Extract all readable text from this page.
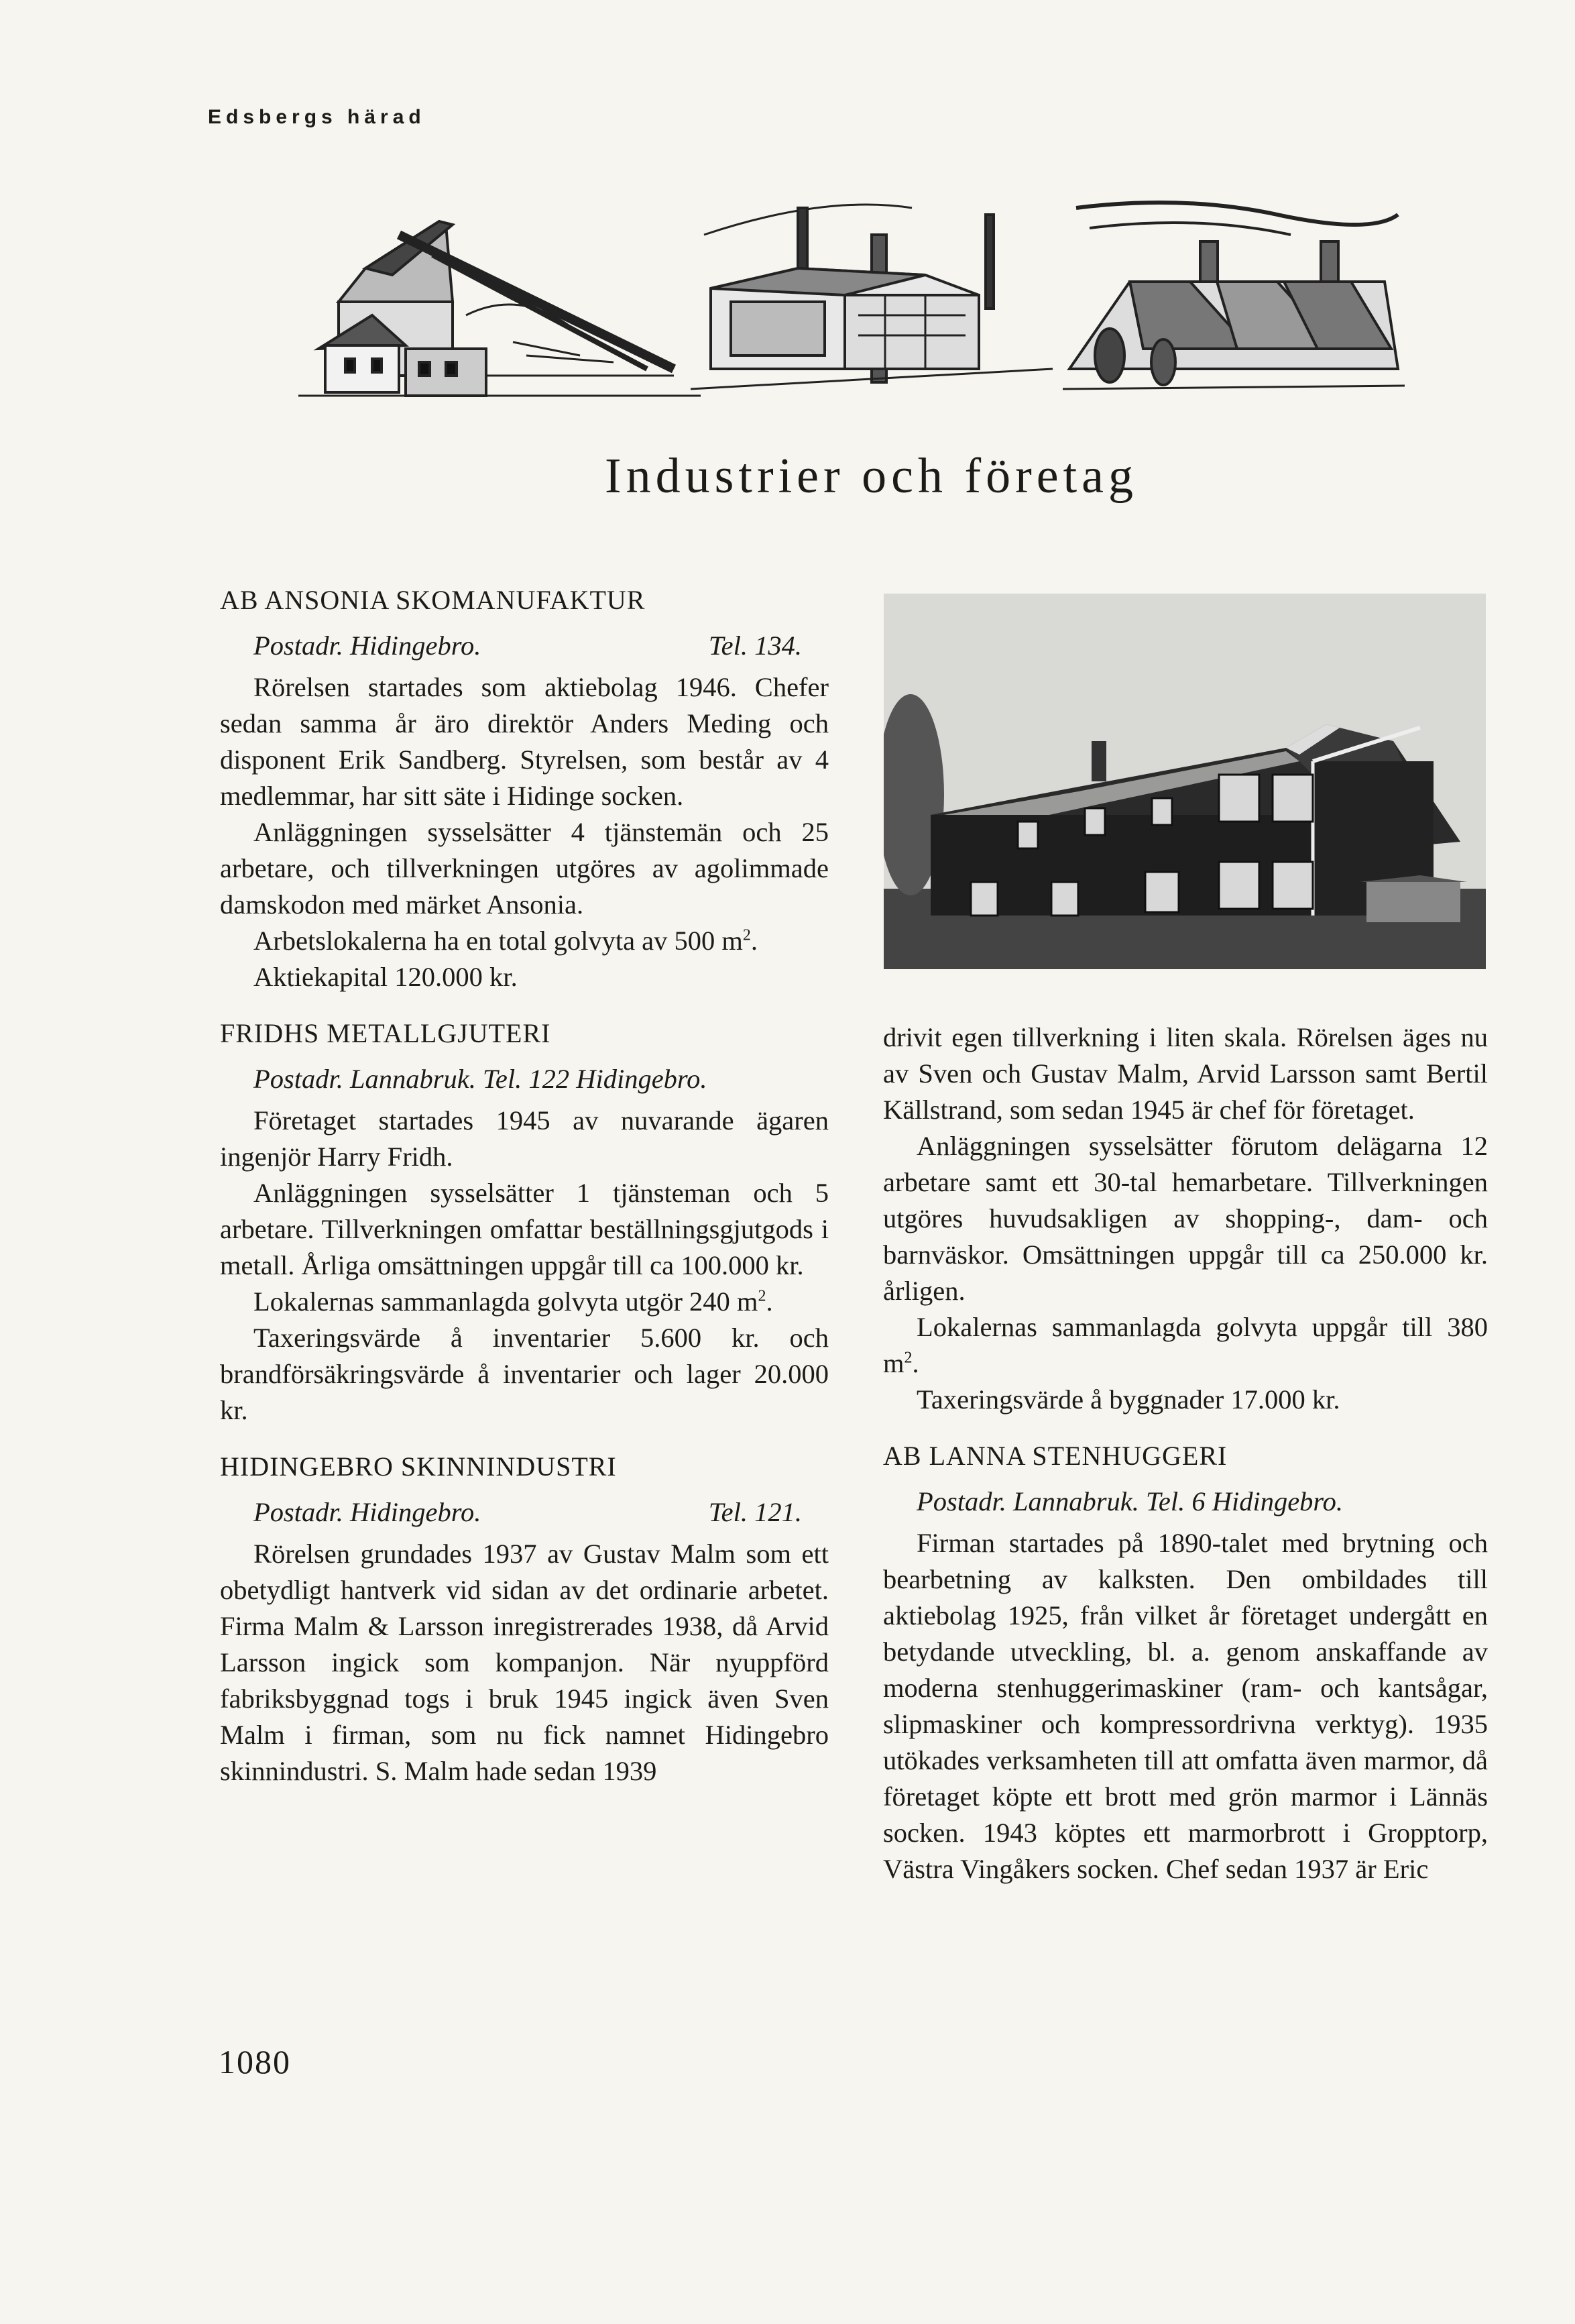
Edsbergs härad
Industrier och företag
AB ANSONIA SKOMANUFAKTUR
Postadr. Hidingebro.	Tel. 134.

Rörelsen startades som aktiebolag 1946. Chefer sedan samma år äro direktör Anders Meding och disponent Erik Sandberg. Styrelsen, som består av 4 medlemmar, har sitt säte i Hidinge socken.

Anläggningen sysselsätter 4 tjänstemän och 25 arbetare, och tillverkningen utgöres av agolimmade damskodon med märket Ansonia.

Arbetslokalerna ha en total golvyta av 500 $m^2$.

Aktiekapital 120.000 kr.

FRIDHS METALLGJUTERI
Postadr. Lannabruk. Tel. 122 Hidingebro.

Företaget startades 1945 av nuvarande ägaren ingenjör Harry Fridh.

Anläggningen sysselsätter 1 tjänsteman och 5 arbetare. Tillverkningen omfattar beställningsgjutgods i metall. Årliga omsättningen uppgår till ca 100.000 kr.

Lokalernas sammanlagda golvyta utgör 240 $m^2$.

Taxeringsvärde å inventarier 5.600 kr. och brandförsäkringsvärde å inventarier och lager 20.000 kr.

HIDINGEBRO SKINNINDUSTRI
Postadr. Hidingebro.	Tel. 121.

Rörelsen grundades 1937 av Gustav Malm som ett obetydligt hantverk vid sidan av det ordinarie arbetet. Firma Malm & Larsson inregistrerades 1938, då Arvid Larsson ingick som kompanjon. När nyuppförd fabriksbyggnad togs i bruk 1945 ingick även Sven Malm i firman, som nu fick namnet Hidingebro skinnindustri. S. Malm hade sedan 1939

drivit egen tillverkning i liten skala. Rörelsen äges nu av Sven och Gustav Malm, Arvid Larsson samt Bertil Källstrand, som sedan 1945 är chef för företaget.

Anläggningen sysselsätter förutom delägarna 12 arbetare samt ett 30-tal hemarbetare. Tillverkningen utgöres huvudsakligen av shopping-, dam- och barnväskor. Omsättningen uppgår till ca 250.000 kr. årligen.

Lokalernas sammanlagda golvyta uppgår till 380 $m^2$.

Taxeringsvärde å byggnader 17.000 kr.

AB LANNA STENHUGGERI
Postadr. Lannabruk. Tel. 6 Hidingebro.

Firman startades på 1890-talet med brytning och bearbetning av kalksten. Den ombildades till aktiebolag 1925, från vilket år företaget undergått en betydande utveckling, bl. a. genom anskaffande av moderna stenhuggerimaskiner (ram- och kantsågar, slipmaskiner och kompressordrivna verktyg). 1935 utökades verksamheten till att omfatta även marmor, då företaget köpte ett brott med grön marmor i Lännäs socken. 1943 köptes ett marmorbrott i Gropptorp, Västra Vingåkers socken. Chef sedan 1937 är Eric

1080
